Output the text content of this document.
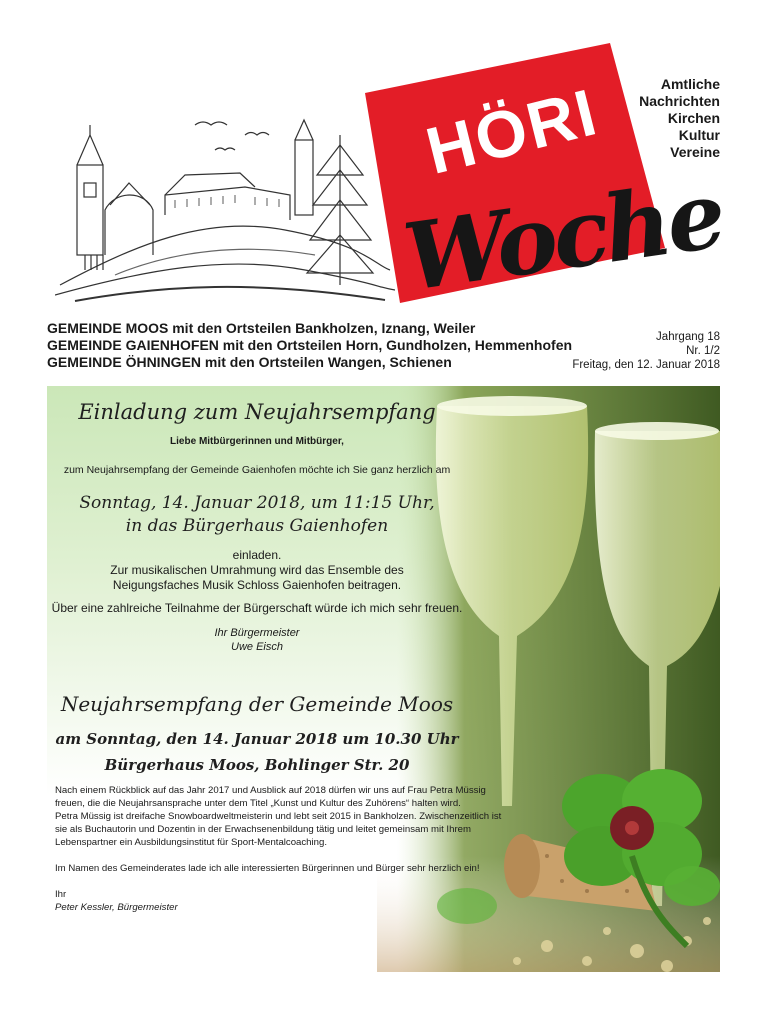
HÖRI
Woche
Amtliche
Nachrichten
Kirchen
Kultur
Vereine
GEMEINDE MOOS mit den Ortsteilen Bankholzen, Iznang, Weiler
GEMEINDE GAIENHOFEN mit den Ortsteilen Horn, Gundholzen, Hemmenhofen
GEMEINDE ÖHNINGEN mit den Ortsteilen Wangen, Schienen
Jahrgang 18
Nr. 1/2
Freitag, den 12. Januar 2018
Einladung zum Neujahrsempfang
Liebe Mitbürgerinnen und Mitbürger,
zum Neujahrsempfang der Gemeinde Gaienhofen möchte ich Sie ganz herzlich am
Sonntag, 14. Januar 2018, um 11:15 Uhr,
in das Bürgerhaus Gaienhofen
einladen.
Zur musikalischen Umrahmung wird das Ensemble des
Neigungsfaches Musik Schloss Gaienhofen beitragen.
Über eine zahlreiche Teilnahme der Bürgerschaft würde ich mich sehr freuen.
Ihr Bürgermeister
Uwe Eisch
Neujahrsempfang der Gemeinde Moos
am Sonntag, den 14. Januar 2018 um 10.30 Uhr
Bürgerhaus Moos, Bohlinger Str. 20

Nach einem Rückblick auf das Jahr 2017 und Ausblick auf 2018 dürfen wir uns auf Frau Petra Müssig freuen, die die Neujahrsansprache unter dem Titel „Kunst und Kultur des Zuhörens“ halten wird.

Petra Müssig ist dreifache Snowboardweltmeisterin und lebt seit 2015 in Bankholzen. Zwischenzeitlich ist sie als Buchautorin und Dozentin in der Erwachsenenbildung tätig und leitet gemeinsam mit Ihrem Lebenspartner ein Ausbildungsinstitut für Sport-Mentalcoaching.

Im Namen des Gemeinderates lade ich alle interessierten Bürgerinnen und Bürger sehr herzlich ein!

Ihr

Peter Kessler, Bürgermeister
